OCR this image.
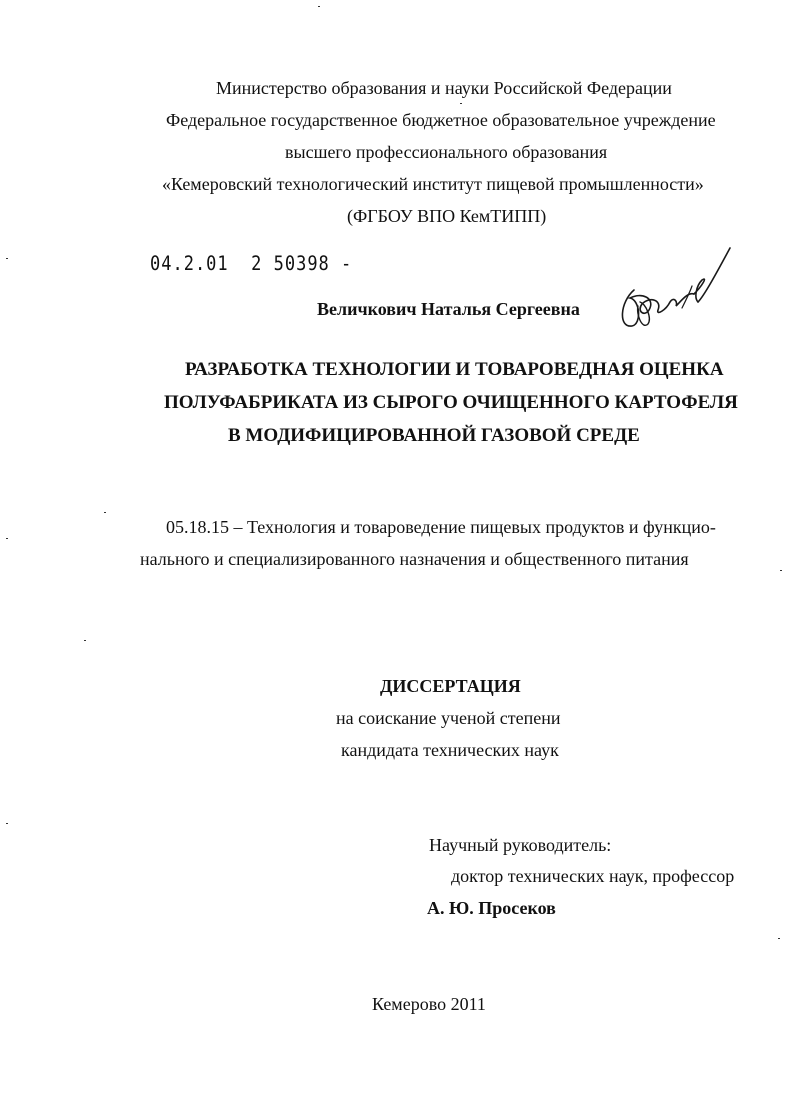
Министерство образования и науки Российской Федерации
Федеральное государственное бюджетное образовательное учреждение
высшего профессионального образования
«Кемеровский технологический институт пищевой промышленности»
(ФГБОУ ВПО КемТИПП)
04.2.01 2 50398 -
Величкович Наталья Сергеевна
РАЗРАБОТКА ТЕХНОЛОГИИ И ТОВАРОВЕДНАЯ ОЦЕНКА
ПОЛУФАБРИКАТА ИЗ СЫРОГО ОЧИЩЕННОГО КАРТОФЕЛЯ
В МОДИФИЦИРОВАННОЙ ГАЗОВОЙ СРЕДЕ
05.18.15 – Технология и товароведение пищевых продуктов и функцио-
нального и специализированного назначения и общественного питания
ДИССЕРТАЦИЯ
на соискание ученой степени
кандидата технических наук
Научный руководитель:
доктор технических наук, профессор
А. Ю. Просеков
Кемерово 2011
